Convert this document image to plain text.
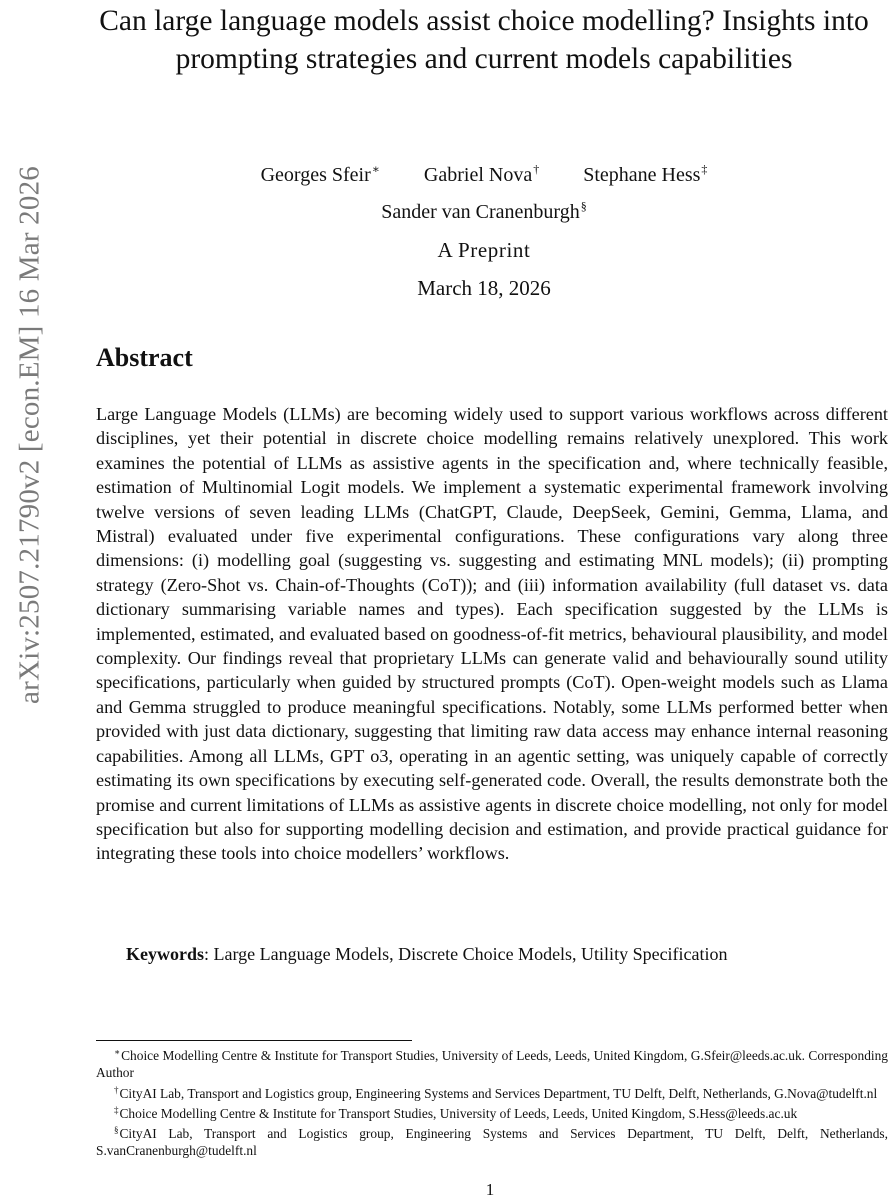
arXiv:2507.21790v2 [econ.EM] 16 Mar 2026
Can large language models assist choice modelling? Insights into prompting strategies and current models capabilities
Georges Sfeir∗ Gabriel Nova† Stephane Hess‡
Sander van Cranenburgh§
A Preprint
March 18, 2026
Abstract

Large Language Models (LLMs) are becoming widely used to support various workflows across different disciplines, yet their potential in discrete choice modelling remains relatively unexplored. This work examines the potential of LLMs as assistive agents in the specification and, where technically feasible, estimation of Multinomial Logit models. We implement a systematic experimental framework involving twelve versions of seven leading LLMs (ChatGPT, Claude, DeepSeek, Gemini, Gemma, Llama, and Mistral) evaluated under five experimental configurations. These configurations vary along three dimensions: (i) modelling goal (suggesting vs. suggesting and estimating MNL models); (ii) prompting strategy (Zero-Shot vs. Chain-of-Thoughts (CoT)); and (iii) information availability (full dataset vs. data dictionary summarising variable names and types). Each specification suggested by the LLMs is implemented, estimated, and evaluated based on goodness-of-fit metrics, behavioural plausibility, and model complexity. Our findings reveal that proprietary LLMs can generate valid and behaviourally sound utility specifications, particularly when guided by structured prompts (CoT). Open-weight models such as Llama and Gemma struggled to produce meaningful specifications. Notably, some LLMs performed better when provided with just data dictionary, suggesting that limiting raw data access may enhance internal reasoning capabilities. Among all LLMs, GPT o3, operating in an agentic setting, was uniquely capable of correctly estimating its own specifications by executing self-generated code. Overall, the results demonstrate both the promise and current limitations of LLMs as assistive agents in discrete choice modelling, not only for model specification but also for supporting modelling decision and estimation, and provide practical guidance for integrating these tools into choice modellers’ workflows.

Keywords: Large Language Models, Discrete Choice Models, Utility Specification

∗Choice Modelling Centre & Institute for Transport Studies, University of Leeds, Leeds, United Kingdom, G.Sfeir@leeds.ac.uk. Corresponding Author

†CityAI Lab, Transport and Logistics group, Engineering Systems and Services Department, TU Delft, Delft, Netherlands, G.Nova@tudelft.nl

‡Choice Modelling Centre & Institute for Transport Studies, University of Leeds, Leeds, United Kingdom, S.Hess@leeds.ac.uk

§CityAI Lab, Transport and Logistics group, Engineering Systems and Services Department, TU Delft, Delft, Netherlands, S.vanCranenburgh@tudelft.nl

1
